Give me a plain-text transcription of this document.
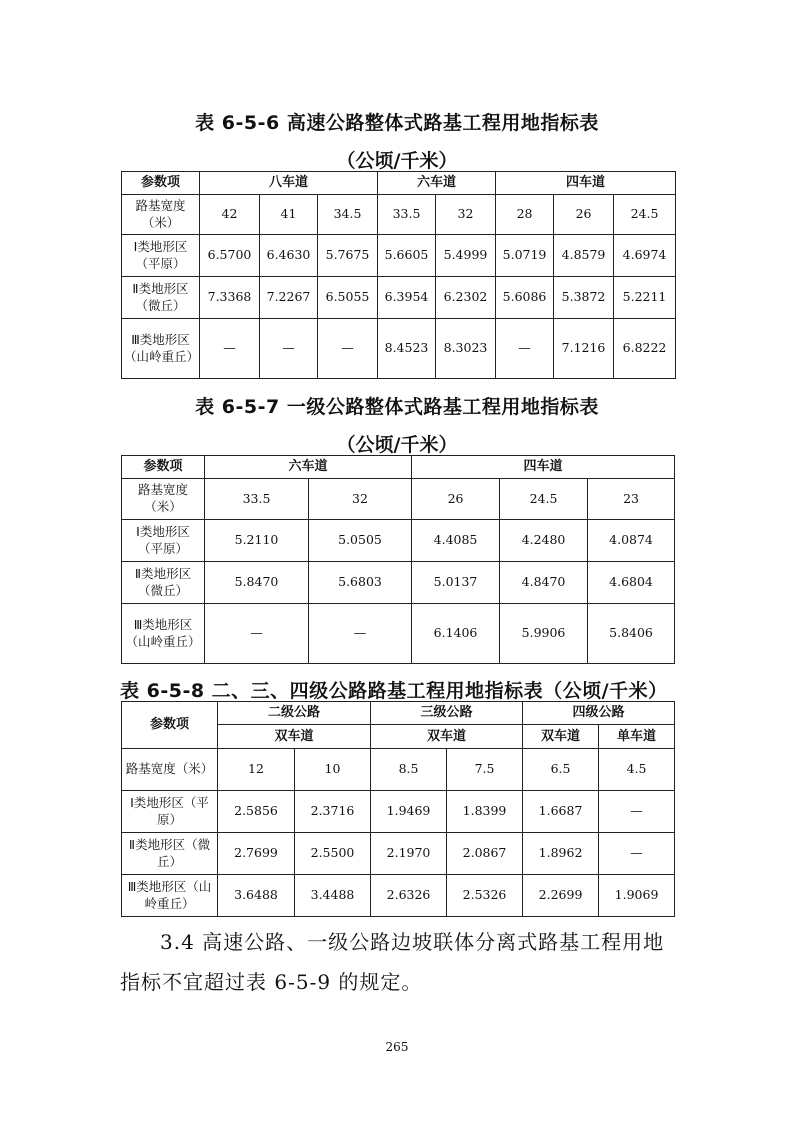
表 6-5-6 高速公路整体式路基工程用地指标表

（公顷/千米）

参数项	八车道			六车道		四车道		
路基宽度（米）	42	41	34.5	33.5	32	28	26	24.5
Ⅰ类地形区（平原）	6.5700	6.4630	5.7675	5.6605	5.4999	5.0719	4.8579	4.6974
Ⅱ类地形区（微丘）	7.3368	7.2267	6.5055	6.3954	6.2302	5.6086	5.3872	5.2211
Ⅲ类地形区（山岭重丘）	—	—	—	8.4523	8.3023	—	7.1216	6.8222
表 6-5-7 一级公路整体式路基工程用地指标表

（公顷/千米）

参数项	六车道		四车道		
路基宽度（米）	33.5	32	26	24.5	23
Ⅰ类地形区（平原）	5.2110	5.0505	4.4085	4.2480	4.0874
Ⅱ类地形区（微丘）	5.8470	5.6803	5.0137	4.8470	4.6804
Ⅲ类地形区（山岭重丘）	—	—	6.1406	5.9906	5.8406
表 6-5-8 二、三、四级公路路基工程用地指标表（公顷/千米）
参数项	二级公路		三级公路		四级公路	
	双车道		双车道		双车道	单车道
路基宽度（米）	12	10	8.5	7.5	6.5	4.5
Ⅰ类地形区（平原）	2.5856	2.3716	1.9469	1.8399	1.6687	—
Ⅱ类地形区（微丘）	2.7699	2.5500	2.1970	2.0867	1.8962	—
Ⅲ类地形区（山岭重丘）	3.6488	3.4488	2.6326	2.5326	2.2699	1.9069

3.4 高速公路、一级公路边坡联体分离式路基工程用地指标不宜超过表 6-5-9 的规定。

265
